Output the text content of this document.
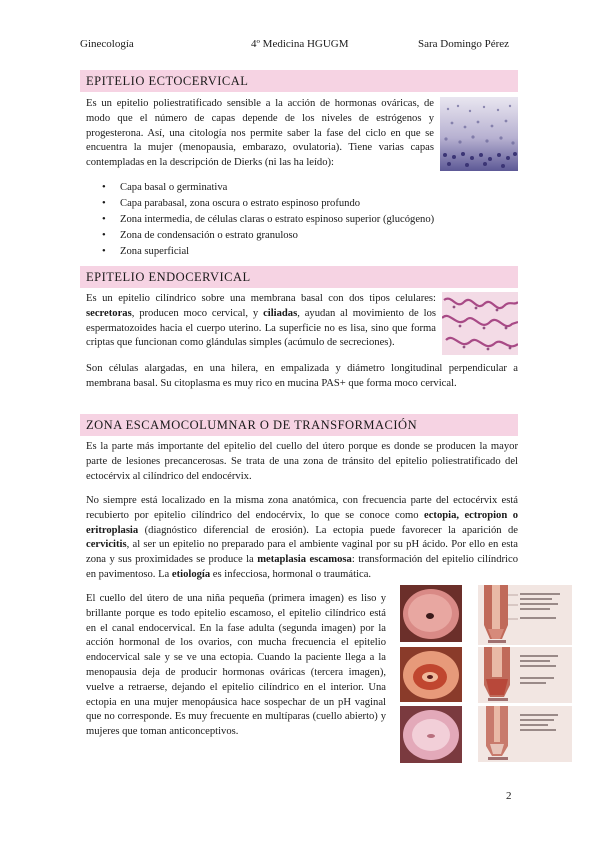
Ginecología	4º Medicina HGUGM	Sara Domingo Pérez
EPITELIO ECTOCERVICAL
Es un epitelio poliestratificado sensible a la acción de hormonas ováricas, de modo que el número de capas depende de los niveles de estrógenos y progesterona. Así, una citología nos permite saber la fase del ciclo en que se encuentra la mujer (menopausia, embarazo, ovulatoria). Tiene varias capas contempladas en la descripción de Dierks (ni las ha leído):
• Capa basal o germinativa
• Capa parabasal, zona oscura o estrato espinoso profundo
• Zona intermedia, de células claras o estrato espinoso superior (glucógeno)
• Zona de condensación o estrato granuloso
• Zona superficial
EPITELIO ENDOCERVICAL
Es un epitelio cilíndrico sobre una membrana basal con dos tipos celulares: secretoras, producen moco cervical, y ciliadas, ayudan al movimiento de los espermatozoides hacia el cuerpo uterino. La superficie no es lisa, sino que forma criptas que funcionan como glándulas simples (acúmulo de secreciones).
Son células alargadas, en una hilera, en empalizada y diámetro longitudinal perpendicular a membrana basal. Su citoplasma es muy rico en mucina PAS+ que forma moco cervical.
ZONA ESCAMOCOLUMNAR O DE TRANSFORMACIÓN
Es la parte más importante del epitelio del cuello del útero porque es donde se producen la mayor parte de lesiones precancerosas. Se trata de una zona de tránsito del epitelio poliestratificado del ectocérvix al cilíndrico del endocérvix.
No siempre está localizado en la misma zona anatómica, con frecuencia parte del ectocérvix está recubierto por epitelio cilíndrico del endocérvix, lo que se conoce como ectopia, ectropion o eritroplasia (diagnóstico diferencial de erosión). La ectopia puede favorecer la aparición de cervicitis, al ser un epitelio no preparado para el ambiente vaginal por su pH ácido. Por ello en esta zona y sus proximidades se produce la metaplasia escamosa: transformación del epitelio cilíndrico en pavimentoso. La etiología es infecciosa, hormonal o traumática.
El cuello del útero de una niña pequeña (primera imagen) es liso y brillante porque es todo epitelio escamoso, el epitelio cilíndrico está en el canal endocervical. En la fase adulta (segunda imagen) por la acción hormonal de los ovarios, con mucha frecuencia el epitelio endocervical sale y se ve una ectopia. Cuando la paciente llega a la menopausia deja de producir hormonas ováricas (tercera imagen), vuelve a retraerse, dejando el epitelio cilíndrico en el interior. Una ectopia en una mujer menopáusica hace sospechar de un pH vaginal que no corresponde. Es muy frecuente en multíparas (cuello abierto) y mujeres que toman anticonceptivos.
2
